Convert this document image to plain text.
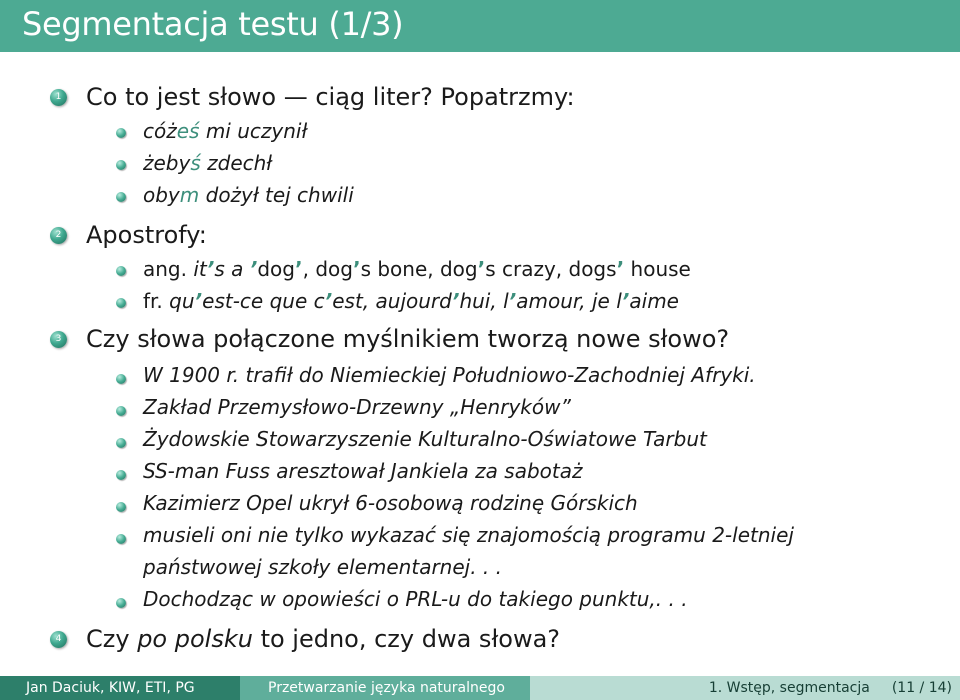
Segmentacja testu (1/3)
1 Co to jest słowo — ciąg liter? Popatrzmy:
cóżeś mi uczynił
żebyś zdechł
obym dożył tej chwili
2 Apostrofy:
ang. it’s a ’dog’, dog’s bone, dog’s crazy, dogs’ house
fr. qu’est-ce que c’est, aujourd’hui, l’amour, je l’aime
3 Czy słowa połączone myślnikiem tworzą nowe słowo?
W 1900 r. trafił do Niemieckiej Południowo-Zachodniej Afryki.
Zakład Przemysłowo-Drzewny „Henryków”
Żydowskie Stowarzyszenie Kulturalno-Oświatowe Tarbut
SS-man Fuss aresztował Jankiela za sabotaż
Kazimierz Opel ukrył 6-osobową rodzinę Górskich
musieli oni nie tylko wykazać się znajomością programu 2-letniej
państwowej szkoły elementarnej. . .
Dochodząc w opowieści o PRL-u do takiego punktu,. . .
4 Czy po polsku to jedno, czy dwa słowa?
Jan Daciuk, KIW, ETI, PG	Przetwarzanie języka naturalnego	1. Wstęp, segmentacja (11 / 14)
